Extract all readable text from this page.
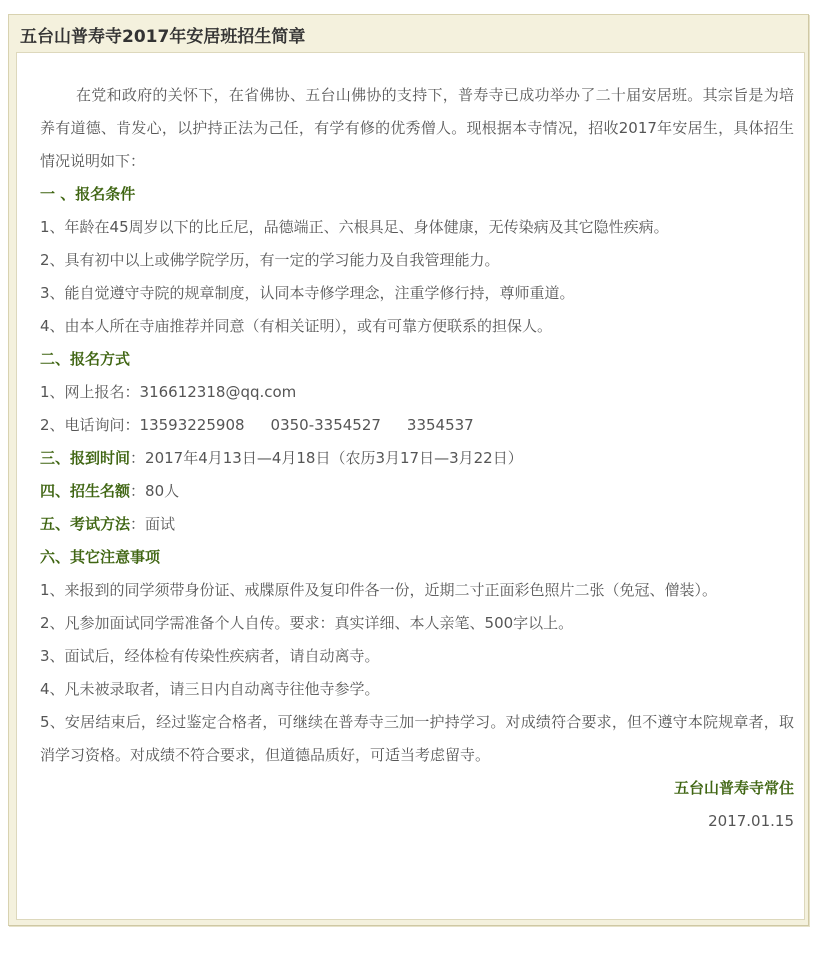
五台山普寿寺2017年安居班招生简章

在党和政府的关怀下，在省佛协、五台山佛协的支持下，普寿寺已成功举办了二十届安居班。其宗旨是为培养有道德、肯发心，以护持正法为己任，有学有修的优秀僧人。现根据本寺情况，招收2017年安居生，具体招生情况说明如下：

一 、报名条件

1、年龄在45周岁以下的比丘尼，品德端正、六根具足、身体健康，无传染病及其它隐性疾病。

2、具有初中以上或佛学院学历，有一定的学习能力及自我管理能力。

3、能自觉遵守寺院的规章制度，认同本寺修学理念，注重学修行持，尊师重道。

4、由本人所在寺庙推荐并同意（有相关证明），或有可靠方便联系的担保人。

二、报名方式

1、网上报名：316612318@qq.com

2、电话询问：13593225908 0350-3354527 3354537

三、报到时间：2017年4月13日—4月18日（农历3月17日—3月22日）

四、招生名额：80人

五、考试方法：面试

六、其它注意事项

1、来报到的同学须带身份证、戒牒原件及复印件各一份，近期二寸正面彩色照片二张（免冠、僧装）。

2、凡参加面试同学需准备个人自传。要求：真实详细、本人亲笔、500字以上。

3、面试后，经体检有传染性疾病者，请自动离寺。

4、凡未被录取者，请三日内自动离寺往他寺参学。

5、安居结束后，经过鉴定合格者，可继续在普寿寺三加一护持学习。对成绩符合要求，但不遵守本院规章者，取消学习资格。对成绩不符合要求，但道德品质好，可适当考虑留寺。

五台山普寿寺常住

2017.01.15
